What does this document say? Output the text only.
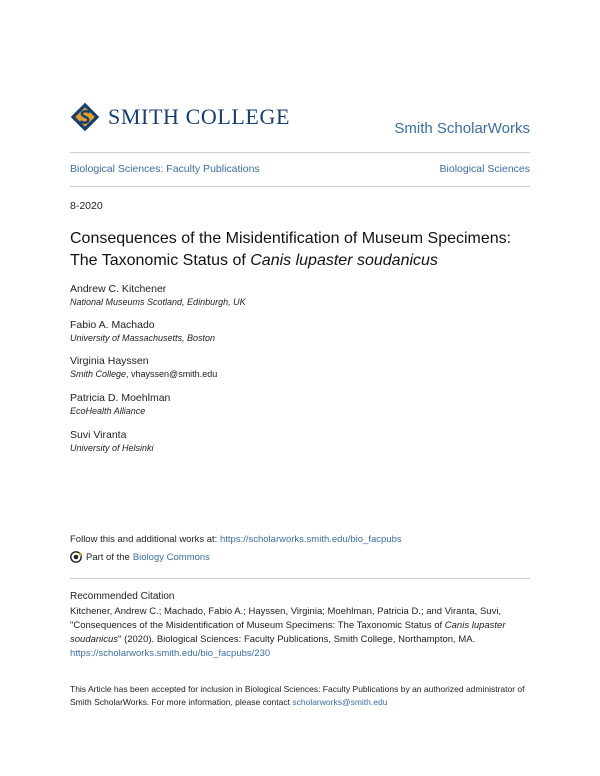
SMITH COLLEGE	Smith ScholarWorks
Biological Sciences: Faculty Publications	Biological Sciences
8-2020
Consequences of the Misidentification of Museum Specimens:
The Taxonomic Status of Canis lupaster soudanicus
Andrew C. Kitchener
National Museums Scotland, Edinburgh, UK
Fabio A. Machado
University of Massachusetts, Boston
Virginia Hayssen
Smith College, vhayssen@smith.edu
Patricia D. Moehlman
EcoHealth Alliance
Suvi Viranta
University of Helsinki
Follow this and additional works at: https://scholarworks.smith.edu/bio_facpubs
Part of the Biology Commons
Recommended Citation
Kitchener, Andrew C.; Machado, Fabio A.; Hayssen, Virginia; Moehlman, Patricia D.; and Viranta, Suvi, "Consequences of the Misidentification of Museum Specimens: The Taxonomic Status of Canis lupaster soudanicus" (2020). Biological Sciences: Faculty Publications, Smith College, Northampton, MA.
https://scholarworks.smith.edu/bio_facpubs/230
This Article has been accepted for inclusion in Biological Sciences: Faculty Publications by an authorized administrator of Smith ScholarWorks. For more information, please contact scholarworks@smith.edu
